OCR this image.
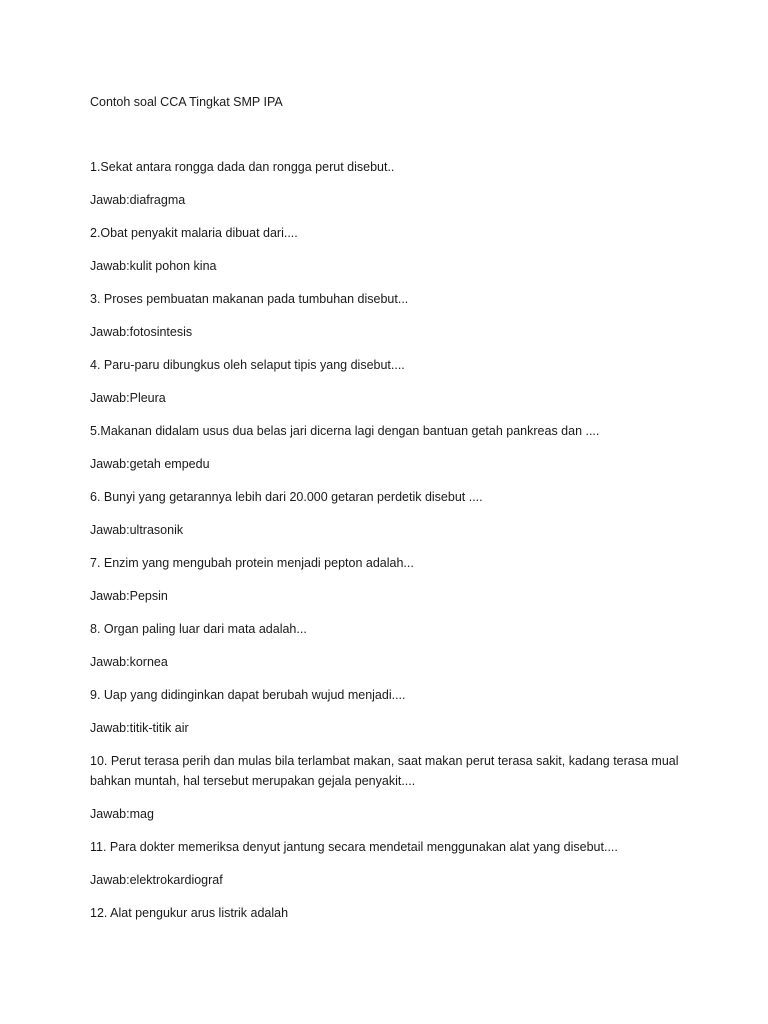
Contoh soal CCA Tingkat SMP IPA

1.Sekat antara rongga dada dan rongga perut disebut..

Jawab:diafragma

2.Obat penyakit malaria dibuat dari....

Jawab:kulit pohon kina

3. Proses pembuatan makanan pada tumbuhan disebut...

Jawab:fotosintesis

4. Paru-paru dibungkus oleh selaput tipis yang disebut....

Jawab:Pleura

5.Makanan didalam usus dua belas jari dicerna lagi dengan bantuan getah pankreas dan ....

Jawab:getah empedu

6. Bunyi yang getarannya lebih dari 20.000 getaran perdetik disebut ....

Jawab:ultrasonik

7. Enzim yang mengubah protein menjadi pepton adalah...

Jawab:Pepsin

8. Organ paling luar dari mata adalah...

Jawab:kornea

9. Uap yang didinginkan dapat berubah wujud menjadi....

Jawab:titik-titik air

10. Perut terasa perih dan mulas bila terlambat makan, saat makan perut terasa sakit, kadang terasa mual bahkan muntah, hal tersebut merupakan gejala penyakit....

Jawab:mag

11. Para dokter memeriksa denyut jantung secara mendetail menggunakan alat yang disebut....

Jawab:elektrokardiograf

12. Alat pengukur arus listrik adalah
